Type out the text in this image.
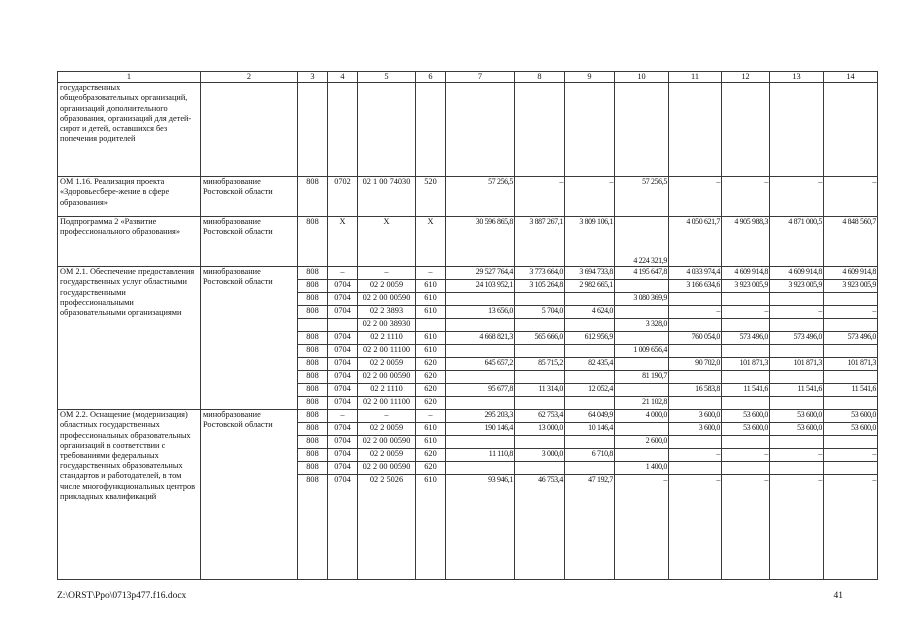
1	2	3	4	5	6	7	8	9	10	11	12	13	14
государственных общеобразовательных организаций, организаций дополнительного образования, организаций для детей-сирот и детей, оставшихся без попечения родителей													
ОМ 1.16. Реализация проекта «Здоровьесбере-жение в сфере образования»	минобразование Ростовской области	808	0702	02 1 00 74030	520	57 256,5	–	–	57 256,5	–	–	–	–
Подпрограмма 2 «Развитие профессионального образования»	минобразование Ростовской области	808	Х	Х	Х	30 596 865,8	3 887 267,1	3 809 106,1	4 224 321,9	4 050 621,7	4 905 988,3	4 871 000,5	4 848 560,7
ОМ 2.1. Обеспечение предоставления государственных услуг областными государственными профессиональными образовательными организациями	минобразование Ростовской области	808	–	–	–	29 527 764,4	3 773 664,0	3 694 733,8	4 195 647,8	4 033 974,4	4 609 914,8	4 609 914,8	4 609 914,8
		808	0704	02 2 0059	610	24 103 952,1	3 105 264,8	2 982 665,1		3 166 634,6	3 923 005,9	3 923 005,9	3 923 005,9
		808	0704	02 2 00 00590	610				3 080 369,9				
		808	0704	02 2 3893	610	13 656,0	5 704,0	4 624,0		–	–	–	–
				02 2 00 38930					3 328,0				
		808	0704	02 2 1110	610	4 668 821,3	565 666,0	612 956,9		760 054,0	573 496,0	573 496,0	573 496,0
		808	0704	02 2 00 11100	610				1 009 656,4				
		808	0704	02 2 0059	620	645 657,2	85 715,2	82 435,4		90 702,0	101 871,3	101 871,3	101 871,3
		808	0704	02 2 00 00590	620				81 190,7				
		808	0704	02 2 1110	620	95 677,8	11 314,0	12 052,4		16 583,8	11 541,6	11 541,6	11 541,6
		808	0704	02 2 00 11100	620				21 102,8				
ОМ 2.2. Оснащение (модернизация) областных государственных профессиональных образовательных организаций в соответствии с требованиями федеральных государственных образовательных стандартов и работодателей, в том числе многофункциональных центров прикладных квалификаций	минобразование Ростовской области	808	–	–	–	295 203,3	62 753,4	64 049,9	4 000,0	3 600,0	53 600,0	53 600,0	53 600,0
		808	0704	02 2 0059	610	190 146,4	13 000,0	10 146,4		3 600,0	53 600,0	53 600,0	53 600,0
		808	0704	02 2 00 00590	610				2 600,0				
		808	0704	02 2 0059	620	11 110,8	3 000,0	6 710,8		–	–	–	–
		808	0704	02 2 00 00590	620				1 400,0				
		808	0704	02 2 5026	610	93 946,1	46 753,4	47 192,7	–	–	–	–	–
Z:\ORST\Ppo\0713p477.f16.docx	41
